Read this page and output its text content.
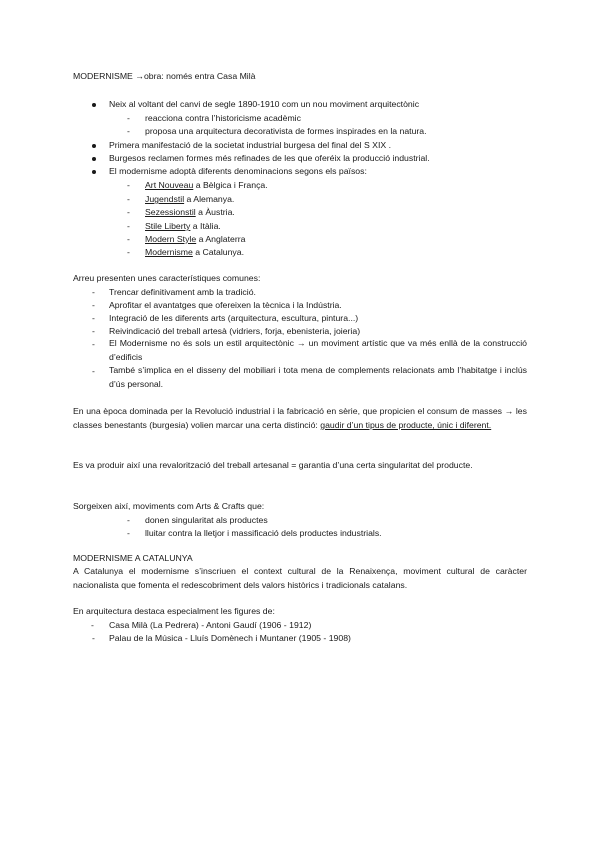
MODERNISME →obra: només entra Casa Milà
Neix al voltant del canvi de segle 1890-1910 com un nou moviment arquitectònic
- reacciona contra l’historicisme acadèmic
- proposa una arquitectura decorativista de formes inspirades en la natura.
Primera manifestació de la societat industrial burgesa del final del S XIX .
Burgesos reclamen formes més refinades de les que oferéix la producció industrial.
El modernisme adoptà diferents denominacions segons els països:
- Art Nouveau a Bèlgica i França.
- Jugendstil a Alemanya.
- Sezessionstil a Àustria.
- Stile Liberty a Itàlia.
- Modern Style a Anglaterra
- Modernisme a Catalunya.
Arreu presenten unes característiques comunes:
- Trencar definitivament amb la tradició.
- Aprofitar el avantatges que ofereixen la tècnica i la Indústria.
- Integració de les diferents arts (arquitectura, escultura, pintura...)
- Reivindicació del treball artesà (vidriers, forja, ebenisteria, joieria)
- El Modernisme no és sols un estil arquitectònic → un moviment artístic que va més enllà de la construcció d’edificis
- També s’implica en el disseny del mobiliari i tota mena de complements relacionats amb l’habitatge i inclús d’ús personal.
En una època dominada per la Revolució industrial i la fabricació en sèrie, que propicien el consum de masses → les classes benestants (burgesia) volien marcar una certa distinció: gaudir d’un tipus de producte, únic i diferent.
Es va produir així una revalorització del treball artesanal = garantia d’una certa singularitat del producte.
Sorgeixen així, moviments com Arts & Crafts que:
- donen singularitat als productes
- lluitar contra la lletjor i massificació dels productes industrials.
MODERNISME A CATALUNYA
A Catalunya el modernisme s’inscriuen el context cultural de la Renaixença, moviment cultural de caràcter nacionalista que fomenta el redescobriment dels valors històrics i tradicionals catalans.
En arquitectura destaca especialment les figures de:
- Casa Milà (La Pedrera) - Antoni Gaudí (1906 - 1912)
- Palau de la Música - Lluís Domènech i Muntaner (1905 - 1908)
